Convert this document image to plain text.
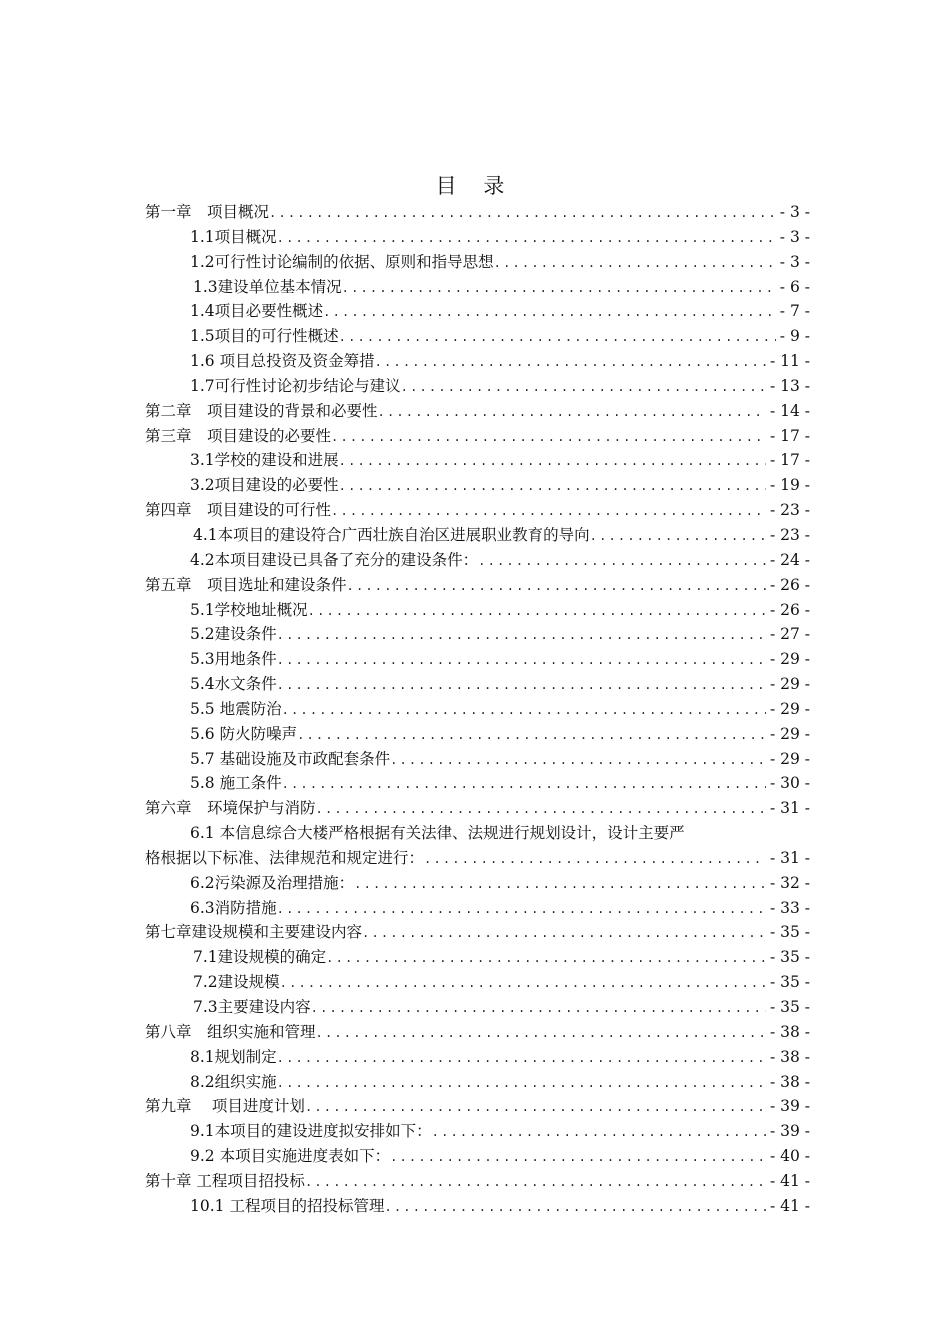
目 录
第一章　项目概况 .....	- 3 -
1.1项目概况 .....	- 3 -
1.2可行性讨论编制的依据、原则和指导思想 .....	- 3 -
1.3建设单位基本情况 .....	- 6 -
1.4项目必要性概述 .....	- 7 -
1.5项目的可行性概述 .....	- 9 -
1.6 项目总投资及资金筹措 .....	- 11 -
1.7可行性讨论初步结论与建议 .....	- 13 -
第二章　项目建设的背景和必要性 .....	- 14 -
第三章　项目建设的必要性 .....	- 17 -
3.1学校的建设和进展 .....	- 17 -
3.2项目建设的必要性 .....	- 19 -
第四章　项目建设的可行性 .....	- 23 -
4.1本项目的建设符合广西壮族自治区进展职业教育的导向 .....	- 23 -
4.2本项目建设已具备了充分的建设条件： .....	- 24 -
第五章　项目选址和建设条件 .....	- 26 -
5.1学校地址概况 .....	- 26 -
5.2建设条件 .....	- 27 -
5.3用地条件 .....	- 29 -
5.4水文条件 .....	- 29 -
5.5 地震防治 .....	- 29 -
5.6 防火防噪声 .....	- 29 -
5.7 基础设施及市政配套条件 .....	- 29 -
5.8 施工条件 .....	- 30 -
第六章　环境保护与消防 .....	- 31 -
6.1 本信息综合大楼严格根据有关法律、法规进行规划设计，设计主要严
格根据以下标准、法律规范和规定进行： .....	- 31 -
6.2污染源及治理措施： .....	- 32 -
6.3消防措施 .....	- 33 -
第七章建设规模和主要建设内容 .....	- 35 -
7.1建设规模的确定 .....	- 35 -
7.2建设规模 .....	- 35 -
7.3主要建设内容 .....	- 35 -
第八章　组织实施和管理 .....	- 38 -
8.1规划制定 .....	- 38 -
8.2组织实施 .....	- 38 -
第九章　 项目进度计划 .....	- 39 -
9.1本项目的建设进度拟安排如下： .....	- 39 -
9.2 本项目实施进度表如下： .....	- 40 -
第十章 工程项目招投标 .....	- 41 -
10.1 工程项目的招投标管理 .....	- 41 -
